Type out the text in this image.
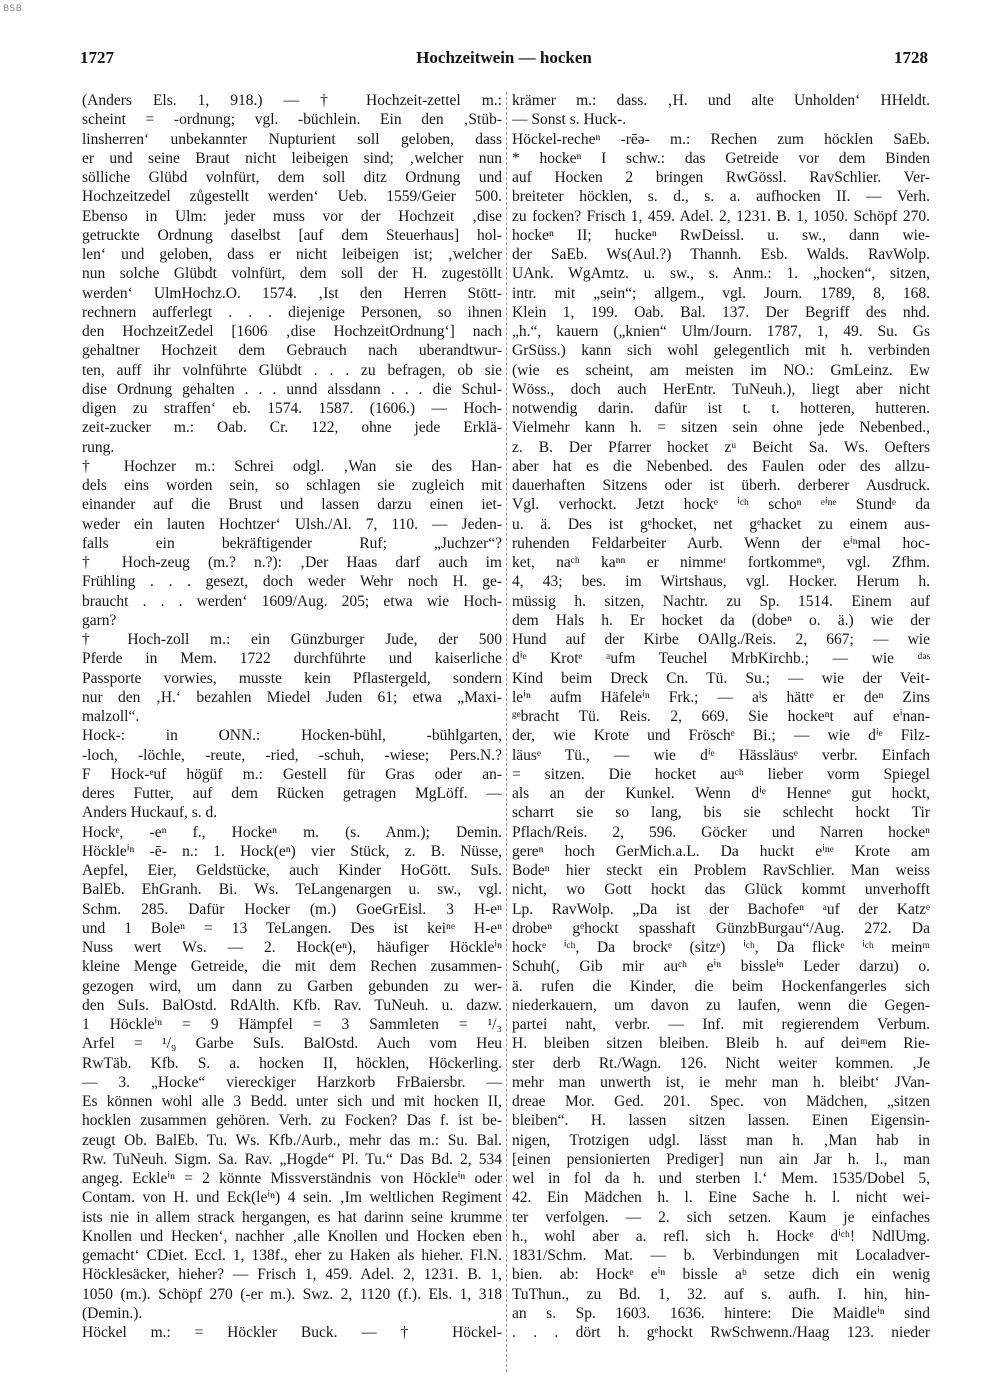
BSB
1727	Hochzeitwein — hocken	1728
(Anders Els. 1, 918.) — † Hochzeit-zettel m.:
scheint = -ordnung; vgl. -büchlein. Ein den ‚Stüb-
linsherren‘ unbekannter Nupturient soll geloben, dass
er und seine Braut nicht leibeigen sind; ‚welcher nun
sölliche Glübd volnfürt, dem soll ditz Ordnung und
Hochzeitzedel zůgestellt werden‘ Ueb. 1559/Geier 500.
Ebenso in Ulm: jeder muss vor der Hochzeit ‚dise
getruckte Ordnung daselbst [auf dem Steuerhaus] hol-
len‘ und geloben, dass er nicht leibeigen ist; ‚welcher
nun solche Glübdt volnfürt, dem soll der H. zugestöllt
werden‘ UlmHochz.O. 1574. ‚Ist den Herren Stött-
rechnern aufferlegt . . . diejenige Personen, so ihnen
den HochzeitZedel [1606 ‚dise HochzeitOrdnung‘] nach
gehaltner Hochzeit dem Gebrauch nach uberandtwur-
ten, auff ihr volnführte Glübdt . . . zu befragen, ob sie
dise Ordnung gehalten . . . unnd alssdann . . . die Schul-
digen zu straffen‘ eb. 1574. 1587. (1606.) — Hoch-
zeit-zucker m.: Oab. Cr. 122, ohne jede Erklä-
rung.
† Hochzer m.: Schrei odgl. ‚Wan sie des Han-
dels eins worden sein, so schlagen sie zugleich mit
einander auf die Brust und lassen darzu einen iet-
weder ein lauten Hochtzer‘ Ulsh./Al. 7, 110. — Jeden-
falls ein bekräftigender Ruf; „Juchzer“?
† Hoch-zeug (m.? n.?): ‚Der Haas darf auch im
Frühling . . . gesezt, doch weder Wehr noch H. ge-
braucht . . . werden‘ 1609/Aug. 205; etwa wie Hoch-
garn?
† Hoch-zoll m.: ein Günzburger Jude, der 500
Pferde in Mem. 1722 durchführte und kaiserliche
Passporte vorwies, musste kein Pflastergeld, sondern
nur den ‚H.‘ bezahlen Miedel Juden 61; etwa „Maxi-
malzoll“.
Hock-: in ONN.: Hocken-bühl, -bühlgarten,
-loch, -löchle, -reute, -ried, -schuh, -wiese; Pers.N.?
F Hock-ᵉuf högüf m.: Gestell für Gras oder an-
deres Futter, auf dem Rücken getragen MgLöff. —
Anders Huckauf, s. d.
Hockᵉ, -eⁿ f., Hockeⁿ m. (s. Anm.); Demin.
Höckleⁱⁿ -ē- n.: 1. Hock(eⁿ) vier Stück, z. B. Nüsse,
Aepfel, Eier, Geldstücke, auch Kinder HoGött. SuIs.
BalEb. EhGranh. Bi. Ws. TeLangenargen u. sw., vgl.
Schm. 285. Dafür Hocker (m.) GoeGrEisl. 3 H-eⁿ
und 1 Boleⁿ = 13 TeLangen. Des ist keiⁿᵉ H-eⁿ
Nuss wert Ws. — 2. Hock(eⁿ), häufiger Höckleⁱⁿ
kleine Menge Getreide, die mit dem Rechen zusammen-
gezogen wird, um dann zu Garben gebunden zu wer-
den SuIs. BalOstd. RdAlth. Kfb. Rav. TuNeuh. u. dazw.
1 Höckleⁱⁿ = 9 Hämpfel = 3 Sammleten = ¹/₃
Arfel = ¹/₉ Garbe SuIs. BalOstd. Auch vom Heu
RwTäb. Kfb. S. a. hocken II, höcklen, Höckerling.
— 3. „Hocke“ viereckiger Harzkorb FrBaiersbr. —
Es können wohl alle 3 Bedd. unter sich und mit hocken II,
hocklen zusammen gehören. Verh. zu Focken? Das f. ist be-
zeugt Ob. BalEb. Tu. Ws. Kfb./Aurb., mehr das m.: Su. Bal.
Rw. TuNeuh. Sigm. Sa. Rav. „Hogde“ Pl. Tu.“ Das Bd. 2, 534
angeg. Eckleⁱⁿ = 2 könnte Missverständnis von Höckleⁱⁿ oder
Contam. von H. und Eck(leⁱⁿ) 4 sein. ‚Im weltlichen Regiment
ists nie in allem strack hergangen, es hat darinn seine krumme
Knollen und Hecken‘, nachher ‚alle Knollen und Hocken eben
gemacht‘ CDiet. Eccl. 1, 138f., eher zu Haken als hieher. Fl.N.
Höcklesäcker, hieher? — Frisch 1, 459. Adel. 2, 1231. B. 1,
1050 (m.). Schöpf 270 (-er m.). Swz. 2, 1120 (f.). Els. 1, 318
(Demin.).
Höckel m.: = Höckler Buck. — † Höckel-
krämer m.: dass. ‚H. und alte Unholden‘ HHeldt.
— Sonst s. Huck-.
Höckel-recheⁿ -rēə- m.: Rechen zum höcklen SaEb.
* hockeⁿ I schw.: das Getreide vor dem Binden
auf Hocken 2 bringen RwGössl. RavSchlier. Ver-
breiteter höcklen, s. d., s. a. aufhocken II. — Verh.
zu focken? Frisch 1, 459. Adel. 2, 1231. B. 1, 1050. Schöpf 270.
hockeⁿ II; huckeⁿ RwDeissl. u. sw., dann wie-
der SaEb. Ws(Aul.?) Thannh. Esb. Walds. RavWolp.
UAnk. WgAmtz. u. sw., s. Anm.: 1. „hocken“, sitzen,
intr. mit „sein“; allgem., vgl. Journ. 1789, 8, 168.
Klein 1, 199. Oab. Bal. 137. Der Begriff des nhd.
„h.“, kauern („knien“ Ulm/Journ. 1787, 1, 49. Su. Gs
GrSüss.) kann sich wohl gelegentlich mit h. verbinden
(wie es scheint, am meisten im NO.: GmLeinz. Ew
Wöss., doch auch HerEntr. TuNeuh.), liegt aber nicht
notwendig darin. dafür ist t. t. hotteren, hutteren.
Vielmehr kann h. = sitzen sein ohne jede Nebenbed.,
z. B. Der Pfarrer hocket zᵘ Beicht Sa. Ws. Oefters
aber hat es die Nebenbed. des Faulen oder des allzu-
dauerhaften Sitzens oder ist überh. derberer Ausdruck.
Vgl. verhockt. Jetzt hockᵉ ⁱᶜʰ schoⁿ ᵉⁱⁿᵉ Stundᵉ da
u. ä. Des ist gᵉhocket, net gᵉhacket zu einem aus-
ruhenden Feldarbeiter Aurb. Wenn der eⁱⁿmal hoc-
ket, naᶜʰ kaⁿⁿ er nimmeʳ fortkommeⁿ, vgl. Zfhm.
4, 43; bes. im Wirtshaus, vgl. Hocker. Herum h.
müssig h. sitzen, Nachtr. zu Sp. 1514. Einem auf
dem Hals h. Er hocket da (dobeⁿ o. ä.) wie der
Hund auf der Kirbe OAllg./Reis. 2, 667; — wie
dⁱᵉ Krotᵉ ᵃufm Teuchel MrbKirchb.; — wie ᵈᵃˢ
Kind beim Dreck Cn. Tü. Su.; — wie der Veit-
leⁱⁿ aufm Häfeleⁱⁿ Frk.; — aˡs hättᵉ er deⁿ Zins
ᵍᵉbracht Tü. Reis. 2, 669. Sie hockeⁿt auf eⁱnan-
der, wie Krote und Fröschᵉ Bi.; — wie dⁱᵉ Filz-
läusᵉ Tü., — wie dⁱᵉ Hässläusᵉ verbr. Einfach
= sitzen. Die hocket auᶜʰ lieber vorm Spiegel
als an der Kunkel. Wenn dⁱᵉ Henneᵉ gut hockt,
scharrt sie so lang, bis sie schlecht hockt Tir
Pflach/Reis. 2, 596. Göcker und Narren hockeⁿ
gereⁿ hoch GerMich.a.L. Da huckt eⁱⁿᵉ Krote am
Bodeⁿ hier steckt ein Problem RavSchlier. Man weiss
nicht, wo Gott hockt das Glück kommt unverhofft
Lp. RavWolp. „Da ist der Bachofeⁿ ᵃuf der Katzᵉ
drobeⁿ gᵉhockt spasshaft GünzbBurgau“/Aug. 272. Da
hockᵉ ⁱᶜʰ, Da brockᵉ (sitzᵉ) ⁱᶜʰ, Da flickᵉ ⁱᶜʰ meinᵐ
Schuh(, Gib mir auᶜʰ eⁱⁿ bissleⁱⁿ Leder darzu) o.
ä. rufen die Kinder, die beim Hockenfangerles sich
niederkauern, um davon zu laufen, wenn die Gegen-
partei naht, verbr. — Inf. mit regierendem Verbum.
H. bleiben sitzen bleiben. Bleib h. auf deiᵐem Rie-
ster derb Rt./Wagn. 126. Nicht weiter kommen. ‚Je
mehr man unwerth ist, ie mehr man h. bleibt‘ JVan-
dreae Mor. Ged. 201. Spec. von Mädchen, „sitzen
bleiben“. H. lassen sitzen lassen. Einen Eigensin-
nigen, Trotzigen udgl. lässt man h. ‚Man hab in
[einen pensionierten Prediger] nun ain Jar h. l., man
wel in fol da h. und sterben l.‘ Mem. 1535/Dobel 5,
42. Ein Mädchen h. l. Eine Sache h. l. nicht wei-
ter verfolgen. — 2. sich setzen. Kaum je einfaches
h., wohl aber a. refl. sich h. Hockᵉ dⁱᶜʰ! NdlUmg.
1831/Schm. Mat. — b. Verbindungen mit Localadver-
bien. ab: Hockᵉ eⁱⁿ bissle aᵇ setze dich ein wenig
TuThun., zu Bd. 1, 32. auf s. aufh. I. hin, hin-
an s. Sp. 1603. 1636. hintere: Die Maidleⁱⁿ sind
. . . dört h. gᵉhockt RwSchwenn./Haag 123. nieder
